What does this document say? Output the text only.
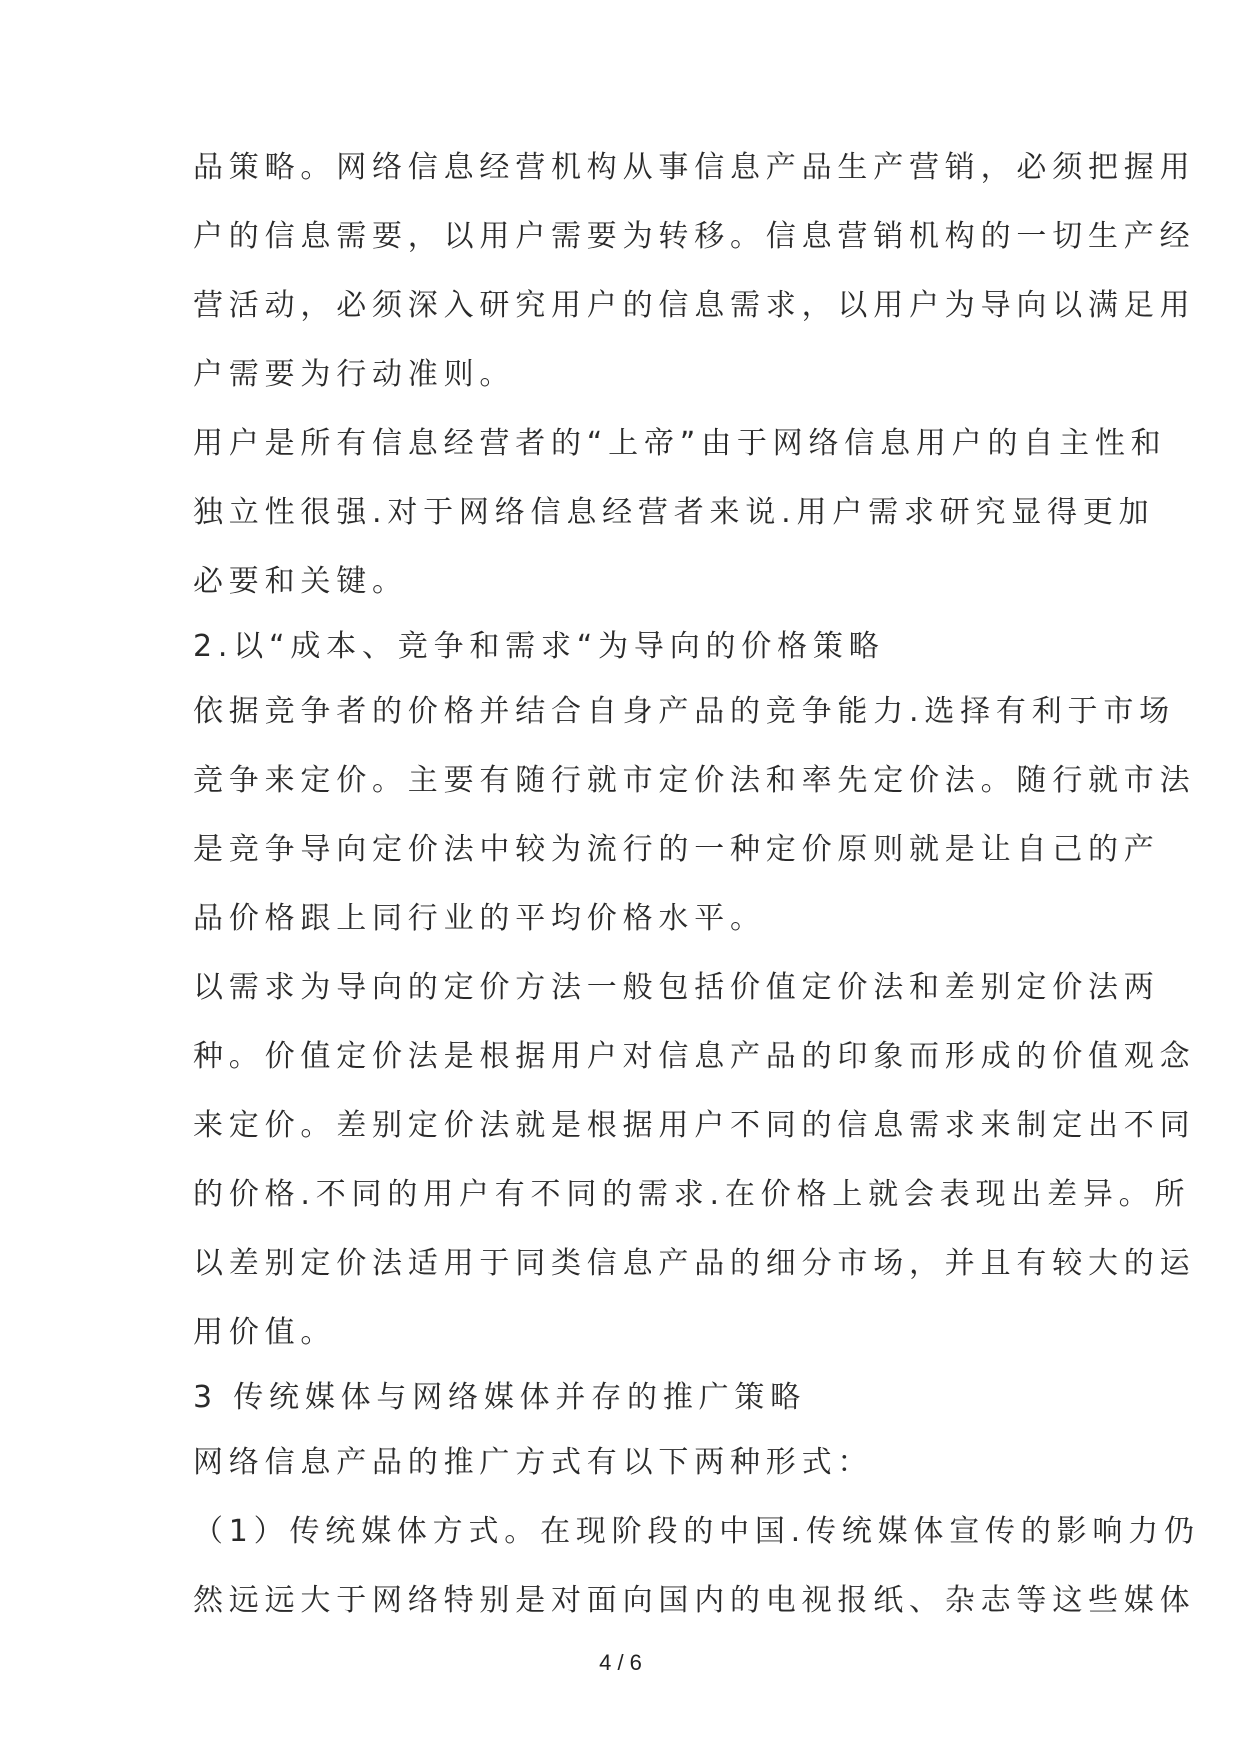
品策略。网络信息经营机构从事信息产品生产营销，必须把握用
户的信息需要，以用户需要为转移。信息营销机构的一切生产经
营活动，必须深入研究用户的信息需求，以用户为导向以满足用
户需要为行动准则。
用户是所有信息经营者的“上帝”由于网络信息用户的自主性和
独立性很强.对于网络信息经营者来说.用户需求研究显得更加
必要和关键。
2.以“成本、竞争和需求“为导向的价格策略
依据竞争者的价格并结合自身产品的竞争能力.选择有利于市场
竞争来定价。主要有随行就市定价法和率先定价法。随行就市法
是竞争导向定价法中较为流行的一种定价原则就是让自己的产
品价格跟上同行业的平均价格水平。
以需求为导向的定价方法一般包括价值定价法和差别定价法两
种。价值定价法是根据用户对信息产品的印象而形成的价值观念
来定价。差别定价法就是根据用户不同的信息需求来制定出不同
的价格.不同的用户有不同的需求.在价格上就会表现出差异。所
以差别定价法适用于同类信息产品的细分市场，并且有较大的运
用价值。
3 传统媒体与网络媒体并存的推广策略
网络信息产品的推广方式有以下两种形式：
（1）传统媒体方式。在现阶段的中国.传统媒体宣传的影响力仍
然远远大于网络特别是对面向国内的电视报纸、杂志等这些媒体
4 / 6
